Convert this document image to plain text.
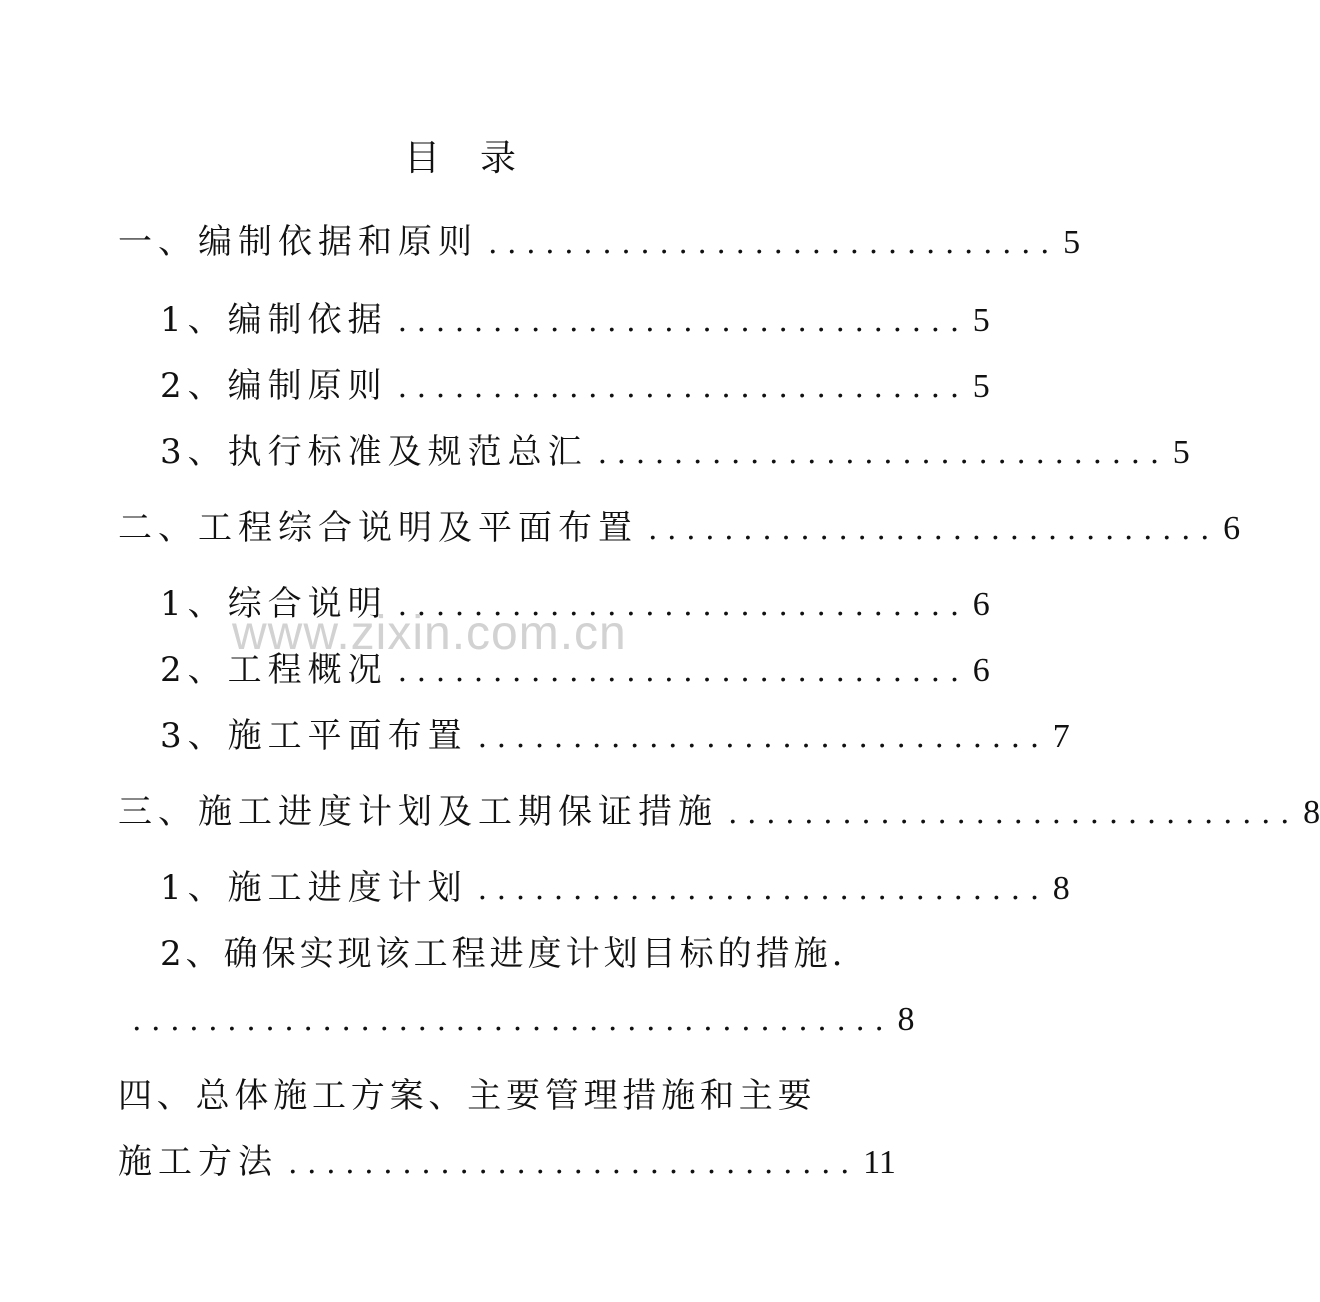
目 录
一、编制依据和原则 .............................. 5
1、编制依据 .............................. 5
2、编制原则 .............................. 5
3、执行标准及规范总汇 .............................. 5
二、工程综合说明及平面布置 .............................. 6
1、综合说明 .............................. 6
2、工程概况 .............................. 6
3、施工平面布置 .............................. 7
三、施工进度计划及工期保证措施 .............................. 8
1、施工进度计划 .............................. 8
2、确保实现该工程进度计划目标的措施.
........................................ 8
四、总体施工方案、主要管理措施和主要
施工方法 .............................. 11
www.zixin.com.cn
